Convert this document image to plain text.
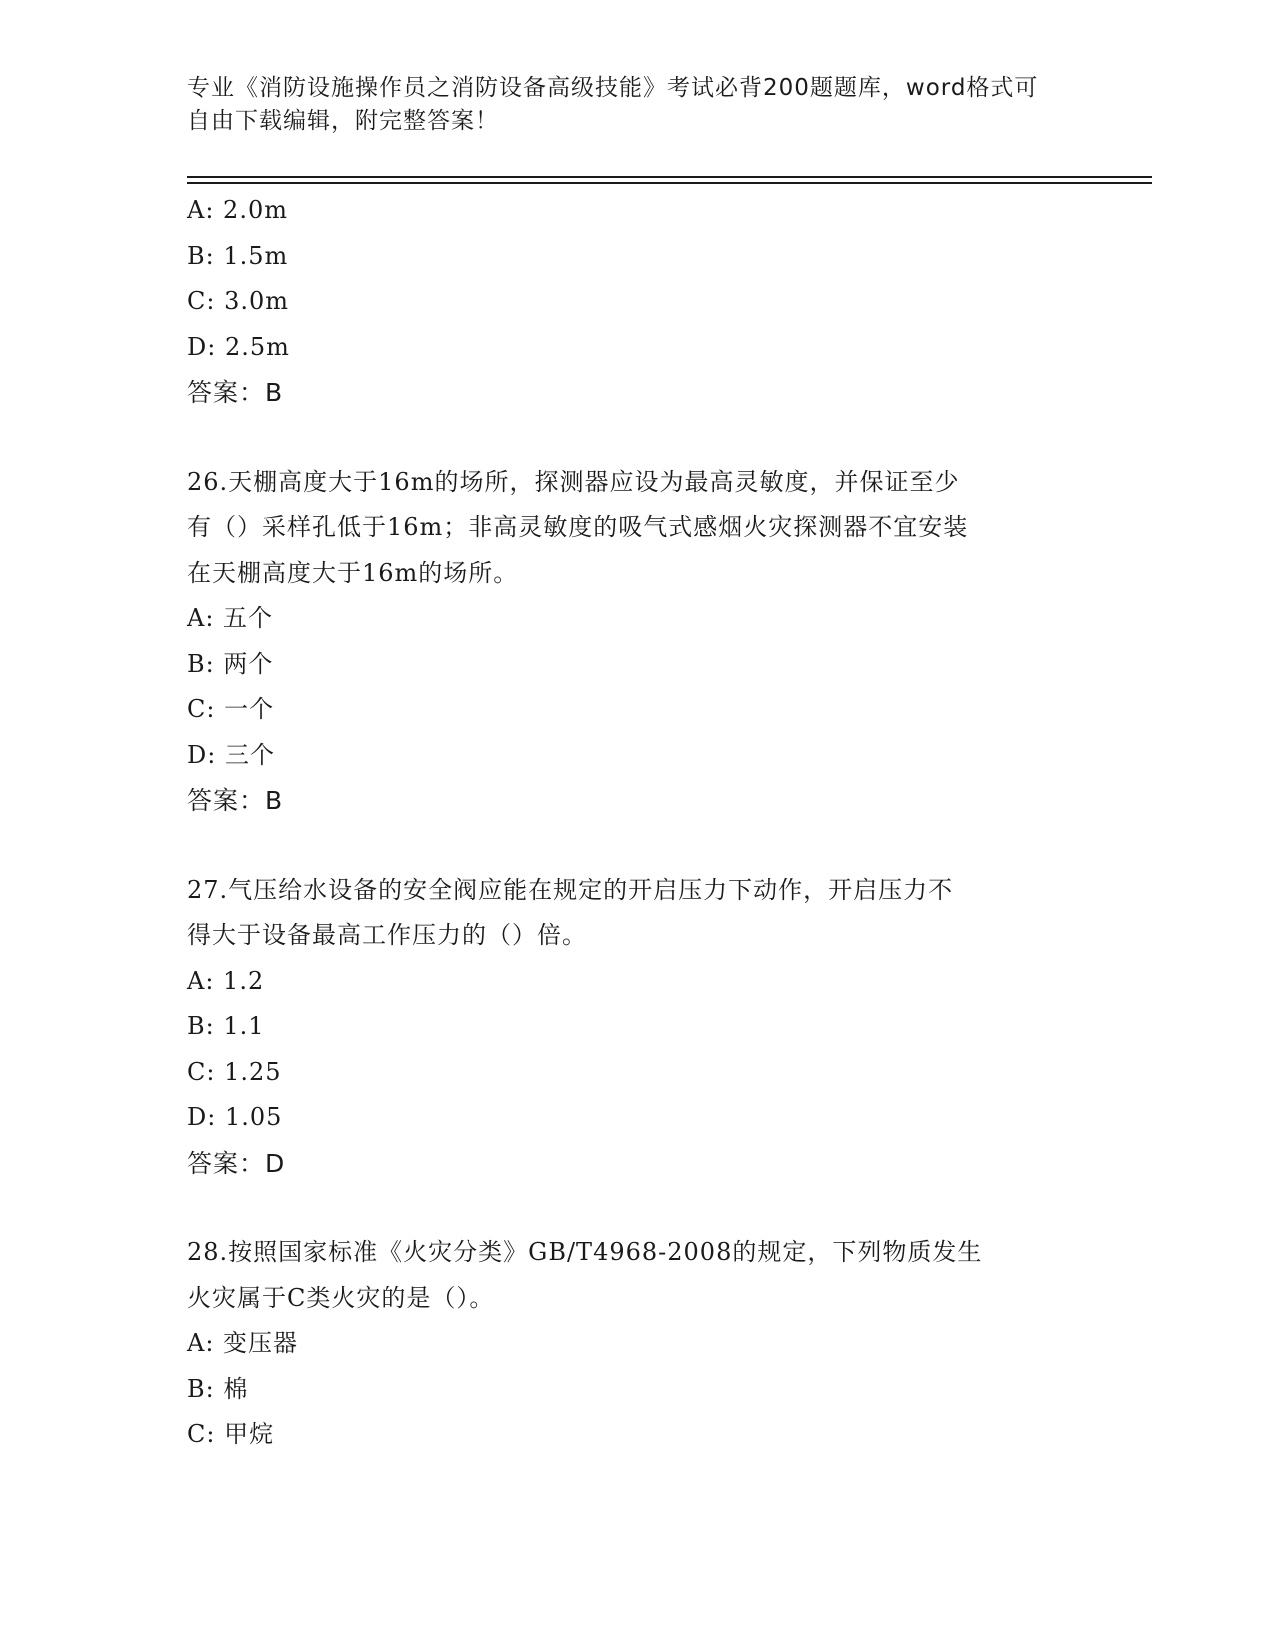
专业《消防设施操作员之消防设备高级技能》考试必背200题题库，word格式可
自由下载编辑，附完整答案！
A: 2.0m
B: 1.5m
C: 3.0m
D: 2.5m
答案：B
26.天棚高度大于16m的场所，探测器应设为最高灵敏度，并保证至少
有（）采样孔低于16m；非高灵敏度的吸气式感烟火灾探测器不宜安装
在天棚高度大于16m的场所。
A: 五个
B: 两个
C: 一个
D: 三个
答案：B
27.气压给水设备的安全阀应能在规定的开启压力下动作，开启压力不
得大于设备最高工作压力的（）倍。
A: 1.2
B: 1.1
C: 1.25
D: 1.05
答案：D
28.按照国家标准《火灾分类》GB/T4968-2008的规定，下列物质发生
火灾属于C类火灾的是（）。
A: 变压器
B: 棉
C: 甲烷
